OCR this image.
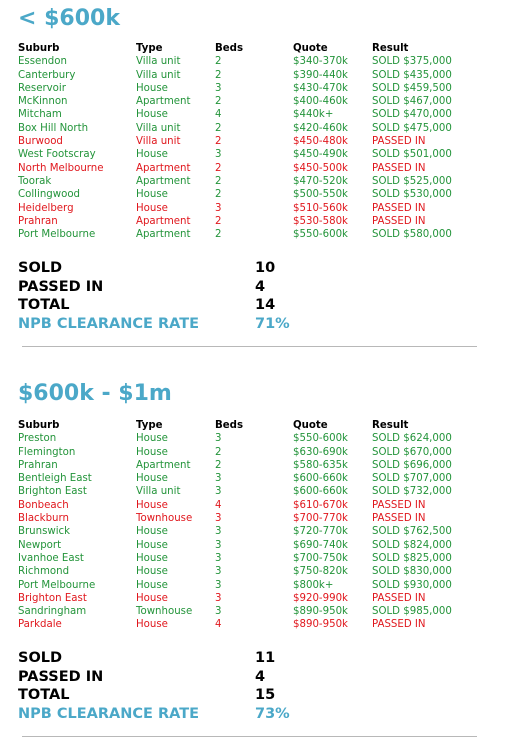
< $600k
Suburb	Type	Beds	Quote	Result
Essendon	Villa unit	2	$340-370k	SOLD $375,000
Canterbury	Villa unit	2	$390-440k	SOLD $435,000
Reservoir	House	3	$430-470k	SOLD $459,500
McKinnon	Apartment	2	$400-460k	SOLD $467,000
Mitcham	House	4	$440k+	SOLD $470,000
Box Hill North	Villa unit	2	$420-460k	SOLD $475,000
Burwood	Villa unit	2	$450-480k	PASSED IN
West Footscray	House	3	$450-490k	SOLD $501,000
North Melbourne	Apartment	2	$450-500k	PASSED IN
Toorak	Apartment	2	$470-520k	SOLD $525,000
Collingwood	House	2	$500-550k	SOLD $530,000
Heidelberg	House	3	$510-560k	PASSED IN
Prahran	Apartment	2	$530-580k	PASSED IN
Port Melbourne	Apartment	2	$550-600k	SOLD $580,000
SOLD	10
PASSED IN	4
TOTAL	14
NPB CLEARANCE RATE	71%
$600k - $1m
Suburb	Type	Beds	Quote	Result
Preston	House	3	$550-600k	SOLD $624,000
Flemington	House	2	$630-690k	SOLD $670,000
Prahran	Apartment	2	$580-635k	SOLD $696,000
Bentleigh East	House	3	$600-660k	SOLD $707,000
Brighton East	Villa unit	3	$600-660k	SOLD $732,000
Bonbeach	House	4	$610-670k	PASSED IN
Blackburn	Townhouse	3	$700-770k	PASSED IN
Brunswick	House	3	$720-770k	SOLD $762,500
Newport	House	3	$690-740k	SOLD $824,000
Ivanhoe East	House	3	$700-750k	SOLD $825,000
Richmond	House	3	$750-820k	SOLD $830,000
Port Melbourne	House	3	$800k+	SOLD $930,000
Brighton East	House	3	$920-990k	PASSED IN
Sandringham	Townhouse	3	$890-950k	SOLD $985,000
Parkdale	House	4	$890-950k	PASSED IN
SOLD	11
PASSED IN	4
TOTAL	15
NPB CLEARANCE RATE	73%
